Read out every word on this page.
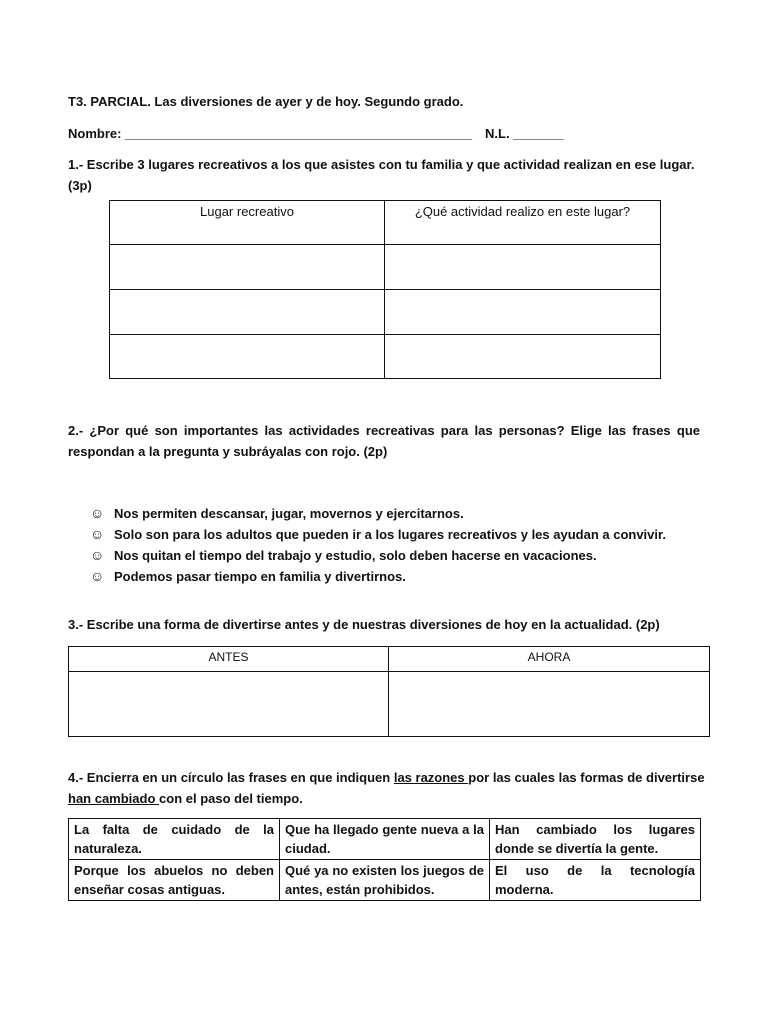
T3. PARCIAL. Las diversiones de ayer y de hoy. Segundo grado.
Nombre: ________________________________________________ N.L. _______
1.- Escribe 3 lugares recreativos a los que asistes con tu familia y que actividad realizan en ese lugar.
(3p)
Lugar recreativo	¿Qué actividad realizo en este lugar?

2.- ¿Por qué son importantes las actividades recreativas para las personas? Elige las frases que
respondan a la pregunta y subráyalas con rojo. (2p)
☺ Nos permiten descansar, jugar, movernos y ejercitarnos.
☺ Solo son para los adultos que pueden ir a los lugares recreativos y les ayudan a convivir.
☺ Nos quitan el tiempo del trabajo y estudio, solo deben hacerse en vacaciones.
☺ Podemos pasar tiempo en familia y divertirnos.
3.- Escribe una forma de divertirse antes y de nuestras diversiones de hoy en la actualidad. (2p)
ANTES	AHORA

4.- Encierra en un círculo las frases en que indiquen las razones por las cuales las formas de divertirse
han cambiado con el paso del tiempo.
La falta de cuidado de la naturaleza.	Que ha llegado gente nueva a la ciudad.	Han cambiado los lugares donde se divertía la gente.
Porque los abuelos no deben enseñar cosas antiguas.	Qué ya no existen los juegos de antes, están prohibidos.	El uso de la tecnología moderna.
